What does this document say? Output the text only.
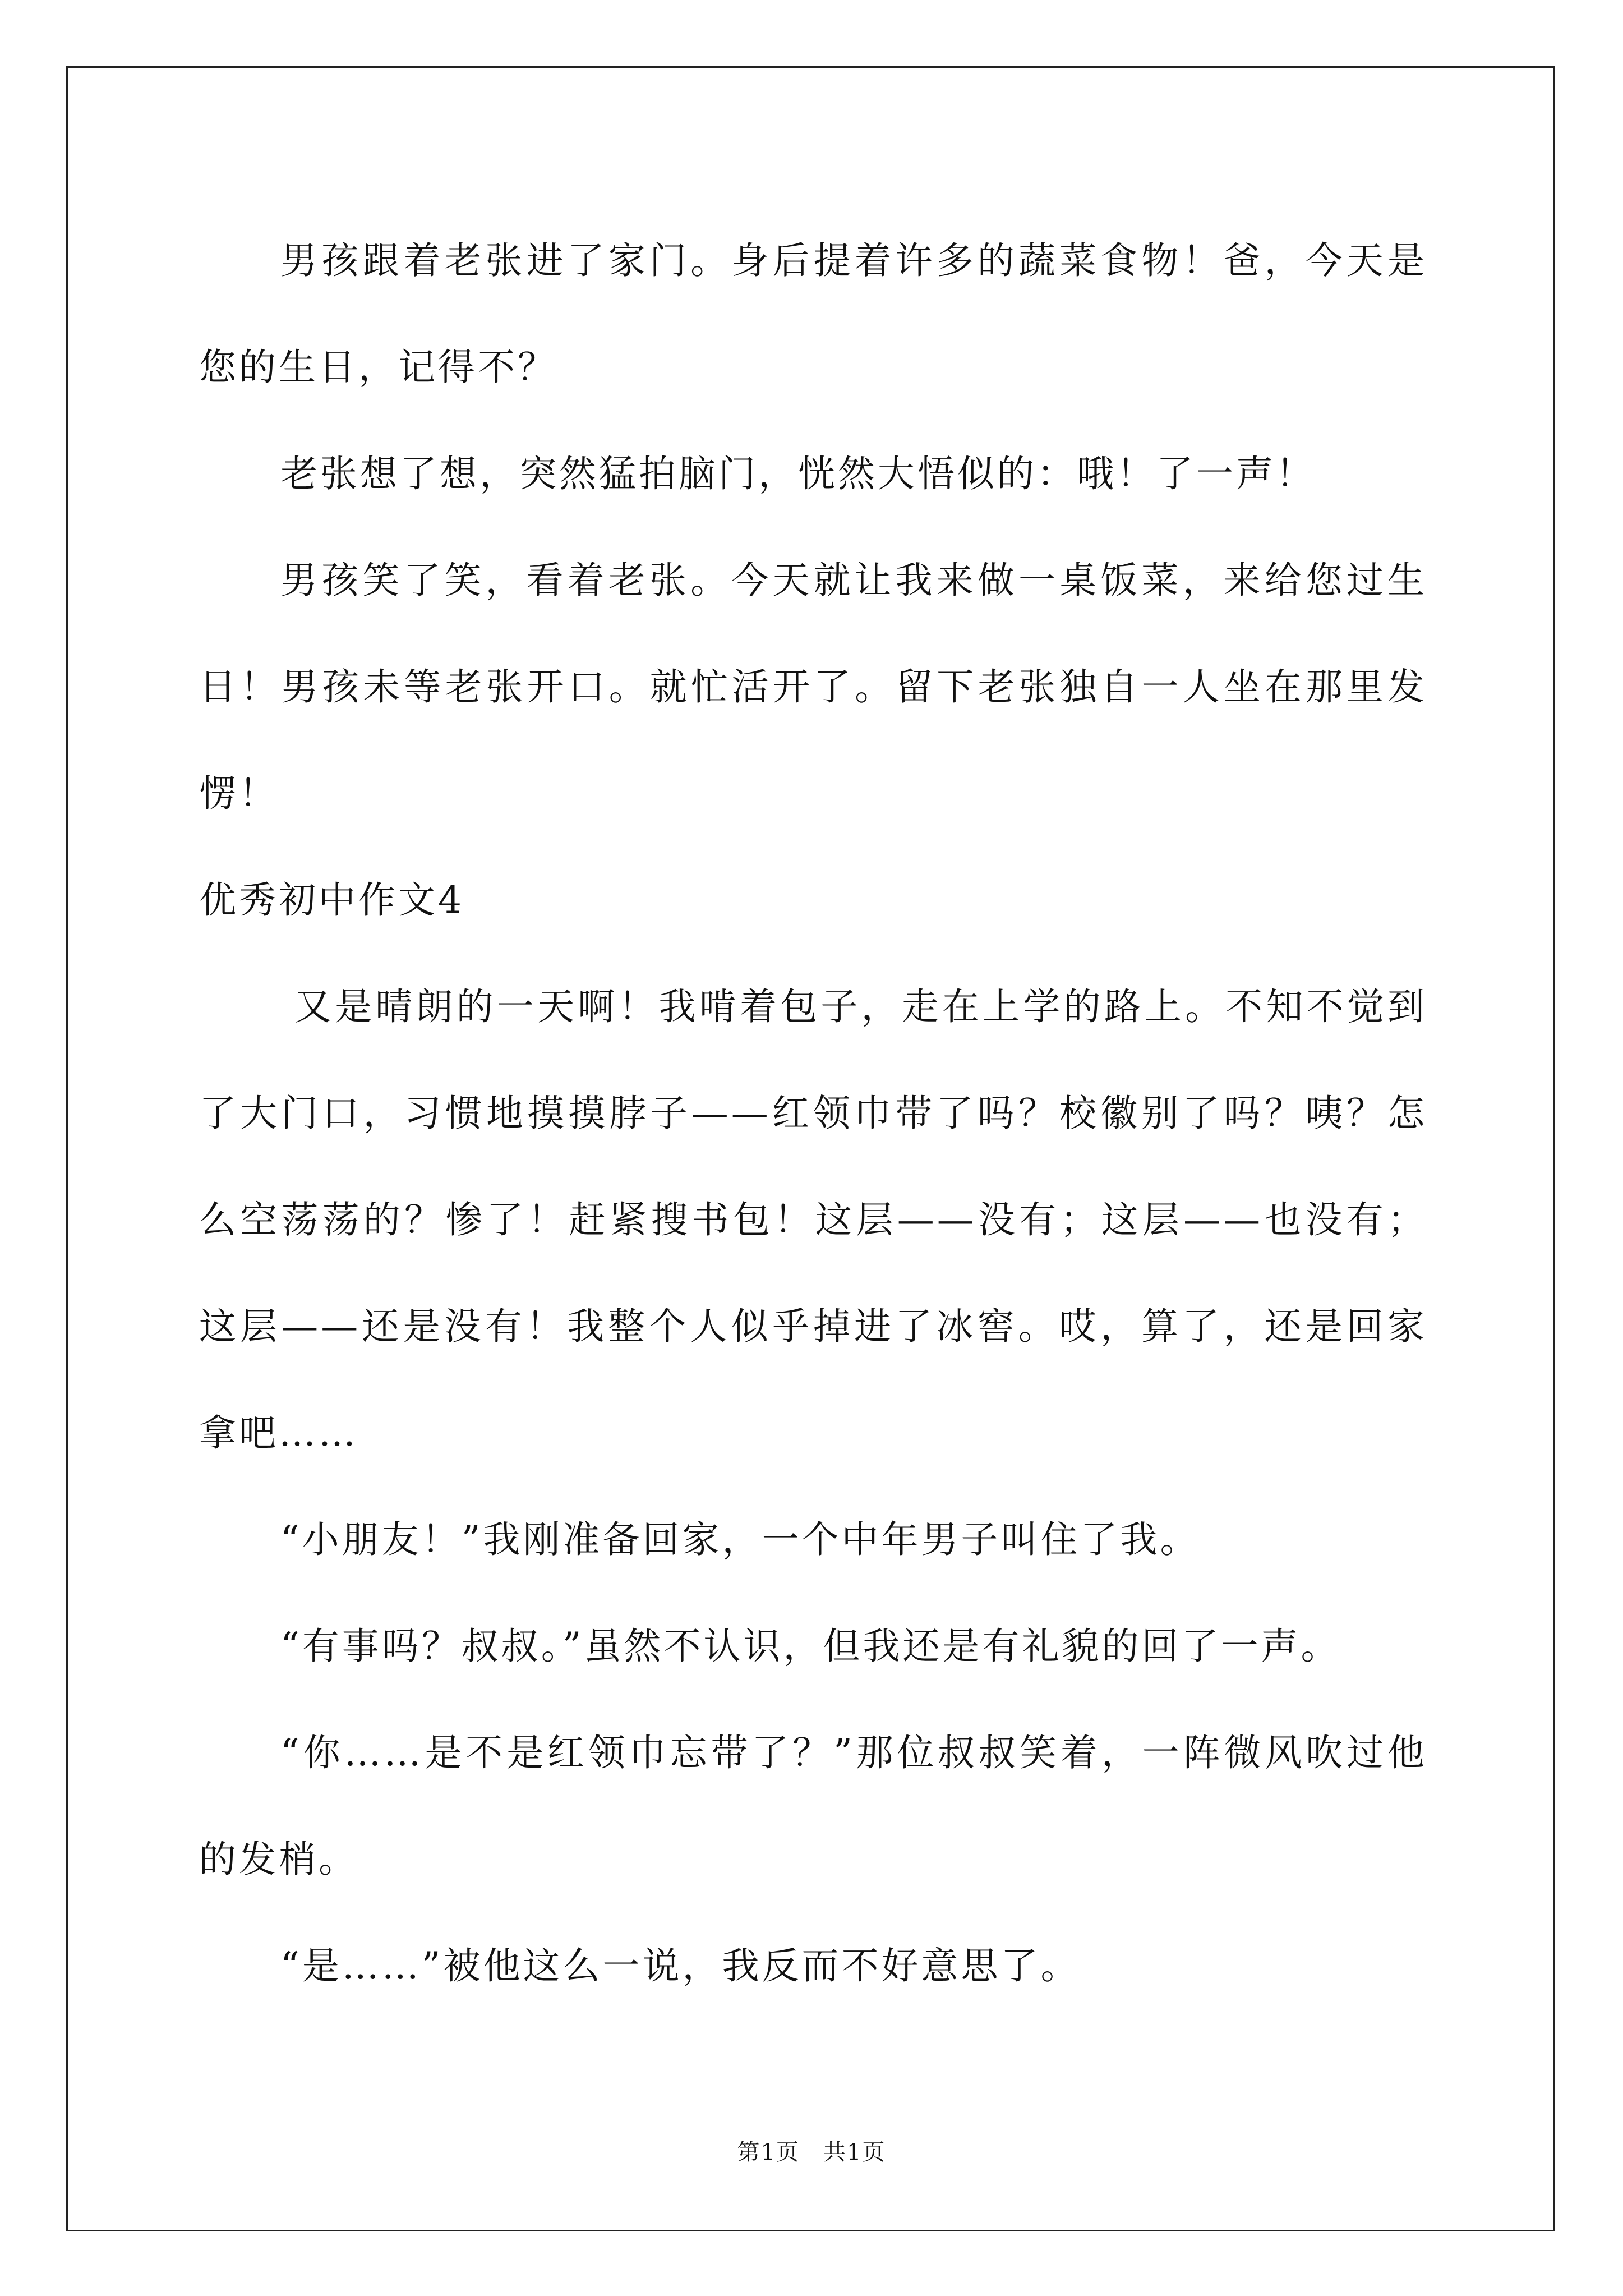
男孩跟着老张进了家门。身后提着许多的蔬菜食物！爸，今天是您的生日，记得不？

老张想了想，突然猛拍脑门，恍然大悟似的：哦！了一声！

男孩笑了笑，看着老张。今天就让我来做一桌饭菜，来给您过生日！男孩未等老张开口。就忙活开了。留下老张独自一人坐在那里发愣！

优秀初中作文4

又是晴朗的一天啊！我啃着包子，走在上学的路上。不知不觉到了大门口，习惯地摸摸脖子——红领巾带了吗？校徽别了吗？咦？怎么空荡荡的？惨了！赶紧搜书包！这层——没有；这层——也没有；这层——还是没有！我整个人似乎掉进了冰窖。哎，算了，还是回家拿吧……

“小朋友！”我刚准备回家，一个中年男子叫住了我。

“有事吗？叔叔。”虽然不认识，但我还是有礼貌的回了一声。

“你……是不是红领巾忘带了？”那位叔叔笑着，一阵微风吹过他的发梢。

“是……”被他这么一说，我反而不好意思了。

第1页　共1页
